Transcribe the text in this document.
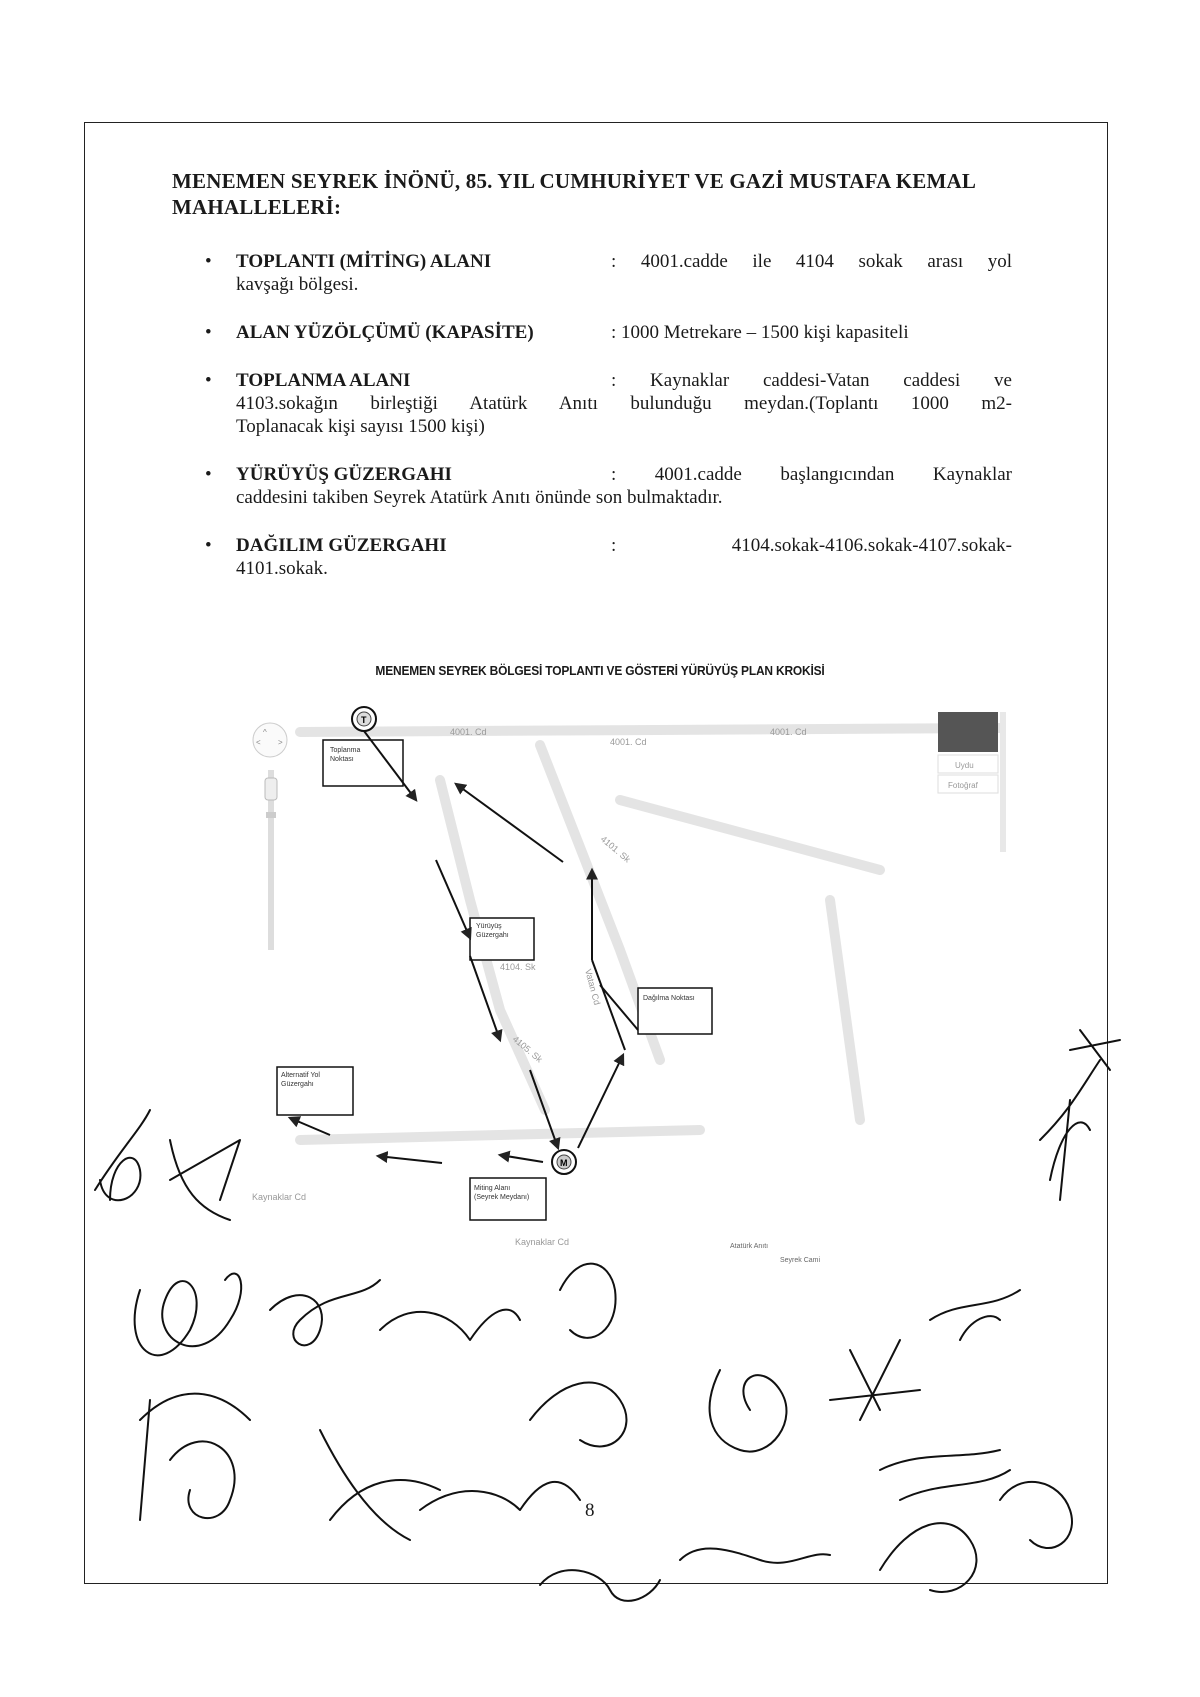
MENEMEN SEYREK İNÖNÜ, 85. YIL CUMHURİYET VE GAZİ MUSTAFA KEMAL MAHALLELERİ:
• TOPLANTI (MİTİNG) ALANI	: 4001.cadde ile 4104 sokak arası yol
kavşağı bölgesi.
• ALAN YÜZÖLÇÜMÜ (KAPASİTE)	: 1000 Metrekare – 1500 kişi kapasiteli
• TOPLANMA ALANI	: Kaynaklar caddesi-Vatan caddesi ve
4103.sokağın birleştiği Atatürk Anıtı bulunduğu meydan.(Toplantı 1000 m2-
Toplanacak kişi sayısı 1500 kişi)
• YÜRÜYÜŞ GÜZERGAHI	: 4001.cadde başlangıcından Kaynaklar
caddesini takiben Seyrek Atatürk Anıtı önünde son bulmaktadır.
• DAĞILIM GÜZERGAHI	:        4104.sokak-4106.sokak-4107.sokak-
4101.sokak.
MENEMEN SEYREK BÖLGESİ TOPLANTI VE GÖSTERİ YÜRÜYÜŞ PLAN KROKİSİ
4001. Cd
4001. Cd
4001. Cd
4101. Sk
4104. Sk
4105. Sk
Vatan Cd
Kaynaklar Cd
Kaynaklar Cd	Atatürk Anıtı
Seyrek Cami
^
< >
Uydu
Fotoğraf
T
Toplanma
Noktası
Yürüyüş
Güzergahı
Dağılma Noktası
Alternatif Yol
Güzergahı
Miting Alanı
(Seyrek Meydanı)
M
8
